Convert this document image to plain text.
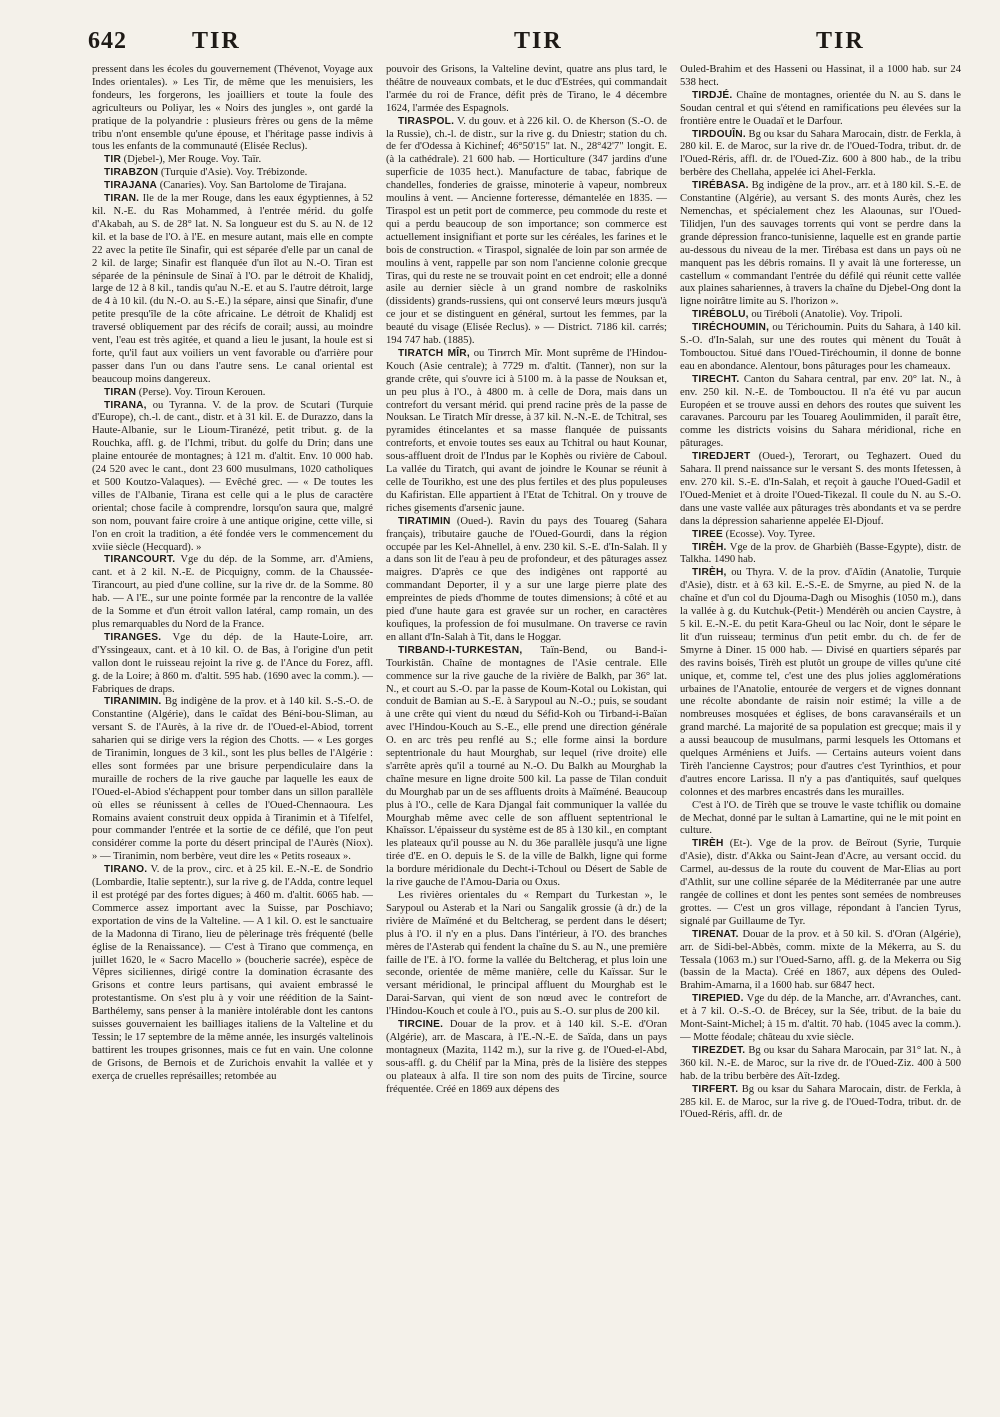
642	TIR	TIR	TIR

pressent dans les écoles du gouvernement (Thévenot, Voyage aux Indes orientales). » Les Tir, de même que les menuisiers, les fondeurs, les forgerons, les joailliers et toute la foule des agriculteurs ou Poliyar, les « Noirs des jungles », ont gardé la pratique de la polyandrie : plusieurs frères ou gens de la même tribu n'ont ensemble qu'une épouse, et l'héritage passe indivis à tous les enfants de la communauté (Elisée Reclus).

TIR (Djebel-), Mer Rouge. Voy. Taïr.

TIRABZON (Turquie d'Asie). Voy. Trébizonde.

TIRAJANA (Canaries). Voy. San Bartolome de Tirajana.

TIRAN. Ile de la mer Rouge, dans les eaux égyptiennes, à 52 kil. N.-E. du Ras Mohammed, à l'entrée mérid. du golfe d'Akabah, au S. de 28° lat. N. Sa longueur est du S. au N. de 12 kil. et la base de l'O. à l'E. en mesure autant, mais elle en compte 22 avec la petite île Sinafir, qui est séparée d'elle par un canal de 2 kil. de large; Sinafir est flanquée d'un îlot au N.-O. Tiran est séparée de la péninsule de Sinaï à l'O. par le détroit de Khalidj, large de 12 à 8 kil., tandis qu'au N.-E. et au S. l'autre détroit, large de 4 à 10 kil. (du N.-O. au S.-E.) la sépare, ainsi que Sinafir, d'une petite presqu'île de la côte africaine. Le détroit de Khalidj est traversé obliquement par des récifs de corail; aussi, au moindre vent, l'eau est très agitée, et quand a lieu le jusant, la houle est si forte, qu'il faut aux voiliers un vent favorable ou d'arrière pour passer dans l'un ou dans l'autre sens. Le canal oriental est beaucoup moins dangereux.

TIRAN (Perse). Voy. Tiroun Kerouen.

TIRANA, ou Tyranna. V. de la prov. de Scutari (Turquie d'Europe), ch.-l. de cant., distr. et à 31 kil. E. de Durazzo, dans la Haute-Albanie, sur le Lioum-Tiranézé, petit tribut. g. de la Rouchka, affl. g. de l'Ichmi, tribut. du golfe du Drin; dans une plaine entourée de montagnes; à 121 m. d'altit. Env. 10 000 hab. (24 520 avec le cant., dont 23 600 musulmans, 1020 catholiques et 500 Koutzo-Valaques). — Evêché grec. — « De toutes les villes de l'Albanie, Tirana est celle qui a le plus de caractère oriental; chose facile à comprendre, lorsqu'on saura que, malgré son nom, pouvant faire croire à une antique origine, cette ville, si l'on en croit la tradition, a été fondée vers le commencement du xviie siècle (Hecquard). »

TIRANCOURT. Vge du dép. de la Somme, arr. d'Amiens, cant. et à 2 kil. N.-E. de Picquigny, comm. de la Chaussée-Tirancourt, au pied d'une colline, sur la rive dr. de la Somme. 80 hab. — A l'E., sur une pointe formée par la rencontre de la vallée de la Somme et d'un étroit vallon latéral, camp romain, un des plus remarquables du Nord de la France.

TIRANGES. Vge du dép. de la Haute-Loire, arr. d'Yssingeaux, cant. et à 10 kil. O. de Bas, à l'origine d'un petit vallon dont le ruisseau rejoint la rive g. de l'Ance du Forez, affl. g. de la Loire; à 860 m. d'altit. 595 hab. (1690 avec la comm.). — Fabriques de draps.

TIRANIMIN. Bg indigène de la prov. et à 140 kil. S.-S.-O. de Constantine (Algérie), dans le caïdat des Béni-bou-Sliman, au versant S. de l'Aurès, à la rive dr. de l'Oued-el-Abiod, torrent saharien qui se dirige vers la région des Chotts. — « Les gorges de Tiranimin, longues de 3 kil., sont les plus belles de l'Algérie : elles sont formées par une brisure perpendiculaire dans la muraille de rochers de la rive gauche par laquelle les eaux de l'Oued-el-Abiod s'échappent pour tomber dans un sillon parallèle où elles se réunissent à celles de l'Oued-Chennaoura. Les Romains avaient construit deux oppida à Tiranimin et à Tifelfel, pour commander l'entrée et la sortie de ce défilé, que l'on peut considérer comme la porte du désert principal de l'Aurès (Niox). » — Tiranimin, nom berbère, veut dire les « Petits roseaux ».

TIRANO. V. de la prov., circ. et à 25 kil. E.-N.-E. de Sondrio (Lombardie, Italie septentr.), sur la rive g. de l'Adda, contre lequel il est protégé par des fortes digues; à 460 m. d'altit. 6065 hab. — Commerce assez important avec la Suisse, par Poschiavo; exportation de vins de la Valteline. — A 1 kil. O. est le sanctuaire de la Madonna di Tirano, lieu de pèlerinage très fréquenté (belle église de la Renaissance). — C'est à Tirano que commença, en juillet 1620, le « Sacro Macello » (boucherie sacrée), espèce de Vêpres siciliennes, dirigé contre la domination écrasante des Grisons et contre leurs partisans, qui avaient embrassé le protestantisme. On s'est plu à y voir une réédition de la Saint-Barthélemy, sans penser à la manière intolérable dont les cantons suisses gouvernaient les bailliages italiens de la Valteline et du Tessin; le 17 septembre de la même année, les insurgés valtelinois battirent les troupes grisonnes, mais ce fut en vain. Une colonne de Grisons, de Bernois et de Zurichois envahit la vallée et y exerça de cruelles représailles; retombée au

pouvoir des Grisons, la Valteline devint, quatre ans plus tard, le théâtre de nouveaux combats, et le duc d'Estrées, qui commandait l'armée du roi de France, défit près de Tirano, le 4 décembre 1624, l'armée des Espagnols.

TIRASPOL. V. du gouv. et à 226 kil. O. de Kherson (S.-O. de la Russie), ch.-l. de distr., sur la rive g. du Dniestr; station du ch. de fer d'Odessa à Kichinef; 46°50'15" lat. N., 28°42'7" longit. E. (à la cathédrale). 21 600 hab. — Horticulture (347 jardins d'une superficie de 1035 hect.). Manufacture de tabac, fabrique de chandelles, fonderies de graisse, minoterie à vapeur, nombreux moulins à vent. — Ancienne forteresse, démantelée en 1835. — Tiraspol est un petit port de commerce, peu commode du reste et qui a perdu beaucoup de son importance; son commerce est actuellement insignifiant et porte sur les céréales, les farines et le bois de construction. « Tiraspol, signalée de loin par son armée de moulins à vent, rappelle par son nom l'ancienne colonie grecque Tiras, qui du reste ne se trouvait point en cet endroit; elle a donné asile au dernier siècle à un grand nombre de raskolniks (dissidents) grands-russiens, qui ont conservé leurs mœurs jusqu'à ce jour et se distinguent en général, surtout les femmes, par la beauté du visage (Elisée Reclus). » — District. 7186 kil. carrés; 194 747 hab. (1885).

TIRATCH MÎR, ou Tirитch Mîr. Mont suprême de l'Hindou-Kouch (Asie centrale); à 7729 m. d'altit. (Tanner), non sur la grande crête, qui s'ouvre ici à 5100 m. à la passe de Nouksan et, un peu plus à l'O., à 4800 m. à celle de Dora, mais dans un contrefort du versant mérid. qui prend racine près de la passe de Nouksan. Le Tiratch Mîr dresse, à 37 kil. N.-N.-E. de Tchitral, ses pyramides étincelantes et sa masse flanquée de puissants contreforts, et envoie toutes ses eaux au Tchitral ou haut Kounar, sous-affluent droit de l'Indus par le Kophès ou rivière de Caboul. La vallée du Tiratch, qui avant de joindre le Kounar se réunit à celle de Tourikho, est une des plus fertiles et des plus populeuses du Kafiristan. Elle appartient à l'Etat de Tchitral. On y trouve de riches gisements d'arsenic jaune.

TIRATIMIN (Oued-). Ravin du pays des Touareg (Sahara français), tributaire gauche de l'Oued-Gourdi, dans la région occupée par les Kel-Ahnellel, à env. 230 kil. S.-E. d'In-Salah. Il y a dans son lit de l'eau à peu de profondeur, et des pâturages assez maigres. D'après ce que des indigènes ont rapporté au commandant Deporter, il y a sur une large pierre plate des empreintes de pieds d'homme de toutes dimensions; à côté et au pied d'une haute gara est gravée sur un rocher, en caractères koufiques, la profession de foi musulmane. On traverse ce ravin en allant d'In-Salah à Tit, dans le Hoggar.

TIRBAND-I-TURKESTAN, Taïn-Bend, ou Band-i-Tourkistân. Chaîne de montagnes de l'Asie centrale. Elle commence sur la rive gauche de la rivière de Balkh, par 36° lat. N., et court au S.-O. par la passe de Koum-Kotal ou Lokistan, qui conduit de Bamian au S.-E. à Sarypoul au N.-O.; puis, se soudant à une crête qui vient du nœud du Séfid-Koh ou Tirband-i-Baïan avec l'Hindou-Kouch au S.-E., elle prend une direction générale O. en arc très peu renflé au S.; elle forme ainsi la bordure septentrionale du haut Mourghab, sur lequel (rive droite) elle s'arrête après qu'il a tourné au N.-O. Du Balkh au Mourghab la chaîne mesure en ligne droite 500 kil. La passe de Tilan conduit du Mourghab par un de ses affluents droits à Maïméné. Beaucoup plus à l'O., celle de Kara Djangal fait communiquer la vallée du Mourghab même avec celle de son affluent septentrional le Khaïssor. L'épaisseur du système est de 85 à 130 kil., en comptant les plateaux qu'il pousse au N. du 36e parallèle jusqu'à une ligne tirée d'E. en O. depuis le S. de la ville de Balkh, ligne qui forme la bordure méridionale du Decht-i-Tchoul ou Désert de Sable de la rive gauche de l'Amou-Daria ou Oxus.

Les rivières orientales du « Rempart du Turkestan », le Sarypoul ou Asterab et la Nari ou Sangalik grossie (à dr.) de la rivière de Maïméné et du Beltcherag, se perdent dans le désert; plus à l'O. il n'y en a plus. Dans l'intérieur, à l'O. des branches mères de l'Asterab qui fendent la chaîne du S. au N., une première faille de l'E. à l'O. forme la vallée du Beltcherag, et plus loin une seconde, orientée de même manière, celle du Kaïssar. Sur le versant méridional, le principal affluent du Mourghab est le Darai-Sarvan, qui vient de son nœud avec le contrefort de l'Hindou-Kouch et coule à l'O., puis au S.-O. sur plus de 200 kil.

TIRCINE. Douar de la prov. et à 140 kil. S.-E. d'Oran (Algérie), arr. de Mascara, à l'E.-N.-E. de Saïda, dans un pays montagneux (Mazita, 1142 m.), sur la rive g. de l'Oued-el-Abd, sous-affl. g. du Chélif par la Mina, près de la lisière des steppes ou plateaux à alfa. Il tire son nom des puits de Tircine, source fréquentée. Créé en 1869 aux dépens des

Ouled-Brahim et des Hasseni ou Hassinat, il a 1000 hab. sur 24 538 hect.

TIRDJÉ. Chaîne de montagnes, orientée du N. au S. dans le Soudan central et qui s'étend en ramifications peu élevées sur la frontière entre le Ouadaï et le Darfour.

TIRDOUÎN. Bg ou ksar du Sahara Marocain, distr. de Ferkla, à 280 kil. E. de Maroc, sur la rive dr. de l'Oued-Todra, tribut. dr. de l'Oued-Réris, affl. dr. de l'Oued-Ziz. 600 à 800 hab., de la tribu berbère des Chellaha, appelée ici Ahel-Ferkla.

TIRÉBASA. Bg indigène de la prov., arr. et à 180 kil. S.-E. de Constantine (Algérie), au versant S. des monts Aurès, chez les Nemenchas, et spécialement chez les Alaounas, sur l'Oued-Tilidjen, l'un des sauvages torrents qui vont se perdre dans la grande dépression franco-tunisienne, laquelle est en grande partie au-dessous du niveau de la mer. Tirébasa est dans un pays où ne manquent pas les débris romains. Il y avait là une forteresse, un castellum « commandant l'entrée du défilé qui réunit cette vallée aux plaines sahariennes, à travers la chaîne du Djebel-Ong dont la ligne noirâtre limite au S. l'horizon ».

TIRÉBOLU, ou Tiréboli (Anatolie). Voy. Tripoli.

TIRÉCHOUMIN, ou Térichoumin. Puits du Sahara, à 140 kil. S.-O. d'In-Salah, sur une des routes qui mènent du Touât à Tombouctou. Situé dans l'Oued-Tiréchoumin, il donne de bonne eau en abondance. Alentour, bons pâturages pour les chameaux.

TIRECHT. Canton du Sahara central, par env. 20° lat. N., à env. 250 kil. N.-E. de Tombouctou. Il n'a été vu par aucun Européen et se trouve aussi en dehors des routes que suivent les caravanes. Parcouru par les Touareg Aoulimmiden, il paraît être, comme les districts voisins du Sahara méridional, riche en pâturages.

TIREDJERT (Oued-), Terorart, ou Teghazert. Oued du Sahara. Il prend naissance sur le versant S. des monts Ifetessen, à env. 270 kil. S.-E. d'In-Salah, et reçoit à gauche l'Oued-Gadil et l'Oued-Meniet et à droite l'Oued-Tikezal. Il coule du N. au S.-O. dans une vaste vallée aux pâturages très abondants et va se perdre dans la dépression saharienne appelée El-Djouf.

TIREE (Ecosse). Voy. Tyree.

TIRÈH. Vge de la prov. de Gharbièh (Basse-Egypte), distr. de Talkha. 1490 hab.

TIRÈH, ou Thyra. V. de la prov. d'Aïdin (Anatolie, Turquie d'Asie), distr. et à 63 kil. E.-S.-E. de Smyrne, au pied N. de la chaîne et d'un col du Djouma-Dagh ou Misoghis (1050 m.), dans la vallée à g. du Kutchuk-(Petit-) Mendérèh ou ancien Caystre, à 5 kil. E.-N.-E. du petit Kara-Gheul ou lac Noir, dont le sépare le lit d'un ruisseau; terminus d'un petit embr. du ch. de fer de Smyrne à Diner. 15 000 hab. — Divisé en quartiers séparés par des ravins boisés, Tirèh est plutôt un groupe de villes qu'une cité unique, et, comme tel, c'est une des plus jolies agglomérations urbaines de l'Anatolie, entourée de vergers et de vignes donnant une récolte abondante de raisin noir estimé; la ville a de nombreuses mosquées et églises, de bons caravansérails et un grand marché. La majorité de sa population est grecque; mais il y a aussi beaucoup de musulmans, parmi lesquels les Ottomans et quelques Arméniens et Juifs. — Certains auteurs voient dans Tirèh l'ancienne Caystros; pour d'autres c'est Tyrinthios, et pour d'autres encore Larissa. Il n'y a pas d'antiquités, sauf quelques colonnes et des marbres encastrés dans les murailles.

C'est à l'O. de Tirèh que se trouve le vaste tchiflik ou domaine de Mechat, donné par le sultan à Lamartine, qui ne le mit point en culture.

TIRÈH (Et-). Vge de la prov. de Beïrout (Syrie, Turquie d'Asie), distr. d'Akka ou Saint-Jean d'Acre, au versant occid. du Carmel, au-dessus de la route du couvent de Mar-Elias au port d'Athlit, sur une colline séparée de la Méditerranée par une autre rangée de collines et dont les pentes sont semées de nombreuses grottes. — C'est un gros village, répondant à l'ancien Tyrus, signalé par Guillaume de Tyr.

TIRENAT. Douar de la prov. et à 50 kil. S. d'Oran (Algérie), arr. de Sidi-bel-Abbès, comm. mixte de la Mékerra, au S. du Tessala (1063 m.) sur l'Oued-Sarno, affl. g. de la Mekerra ou Sig (bassin de la Macta). Créé en 1867, aux dépens des Ouled-Brahim-Amarna, il a 1600 hab. sur 6847 hect.

TIREPIED. Vge du dép. de la Manche, arr. d'Avranches, cant. et à 7 kil. O.-S.-O. de Brécey, sur la Sée, tribut. de la baie du Mont-Saint-Michel; à 15 m. d'altit. 70 hab. (1045 avec la comm.). — Motte féodale; château du xvie siècle.

TIREZDET. Bg ou ksar du Sahara Marocain, par 31° lat. N., à 360 kil. N.-E. de Maroc, sur la rive dr. de l'Oued-Ziz. 400 à 500 hab. de la tribu berbère des Aït-Izdeg.

TIRFERT. Bg ou ksar du Sahara Marocain, distr. de Ferkla, à 285 kil. E. de Maroc, sur la rive g. de l'Oued-Todra, tribut. dr. de l'Oued-Réris, affl. dr. de
